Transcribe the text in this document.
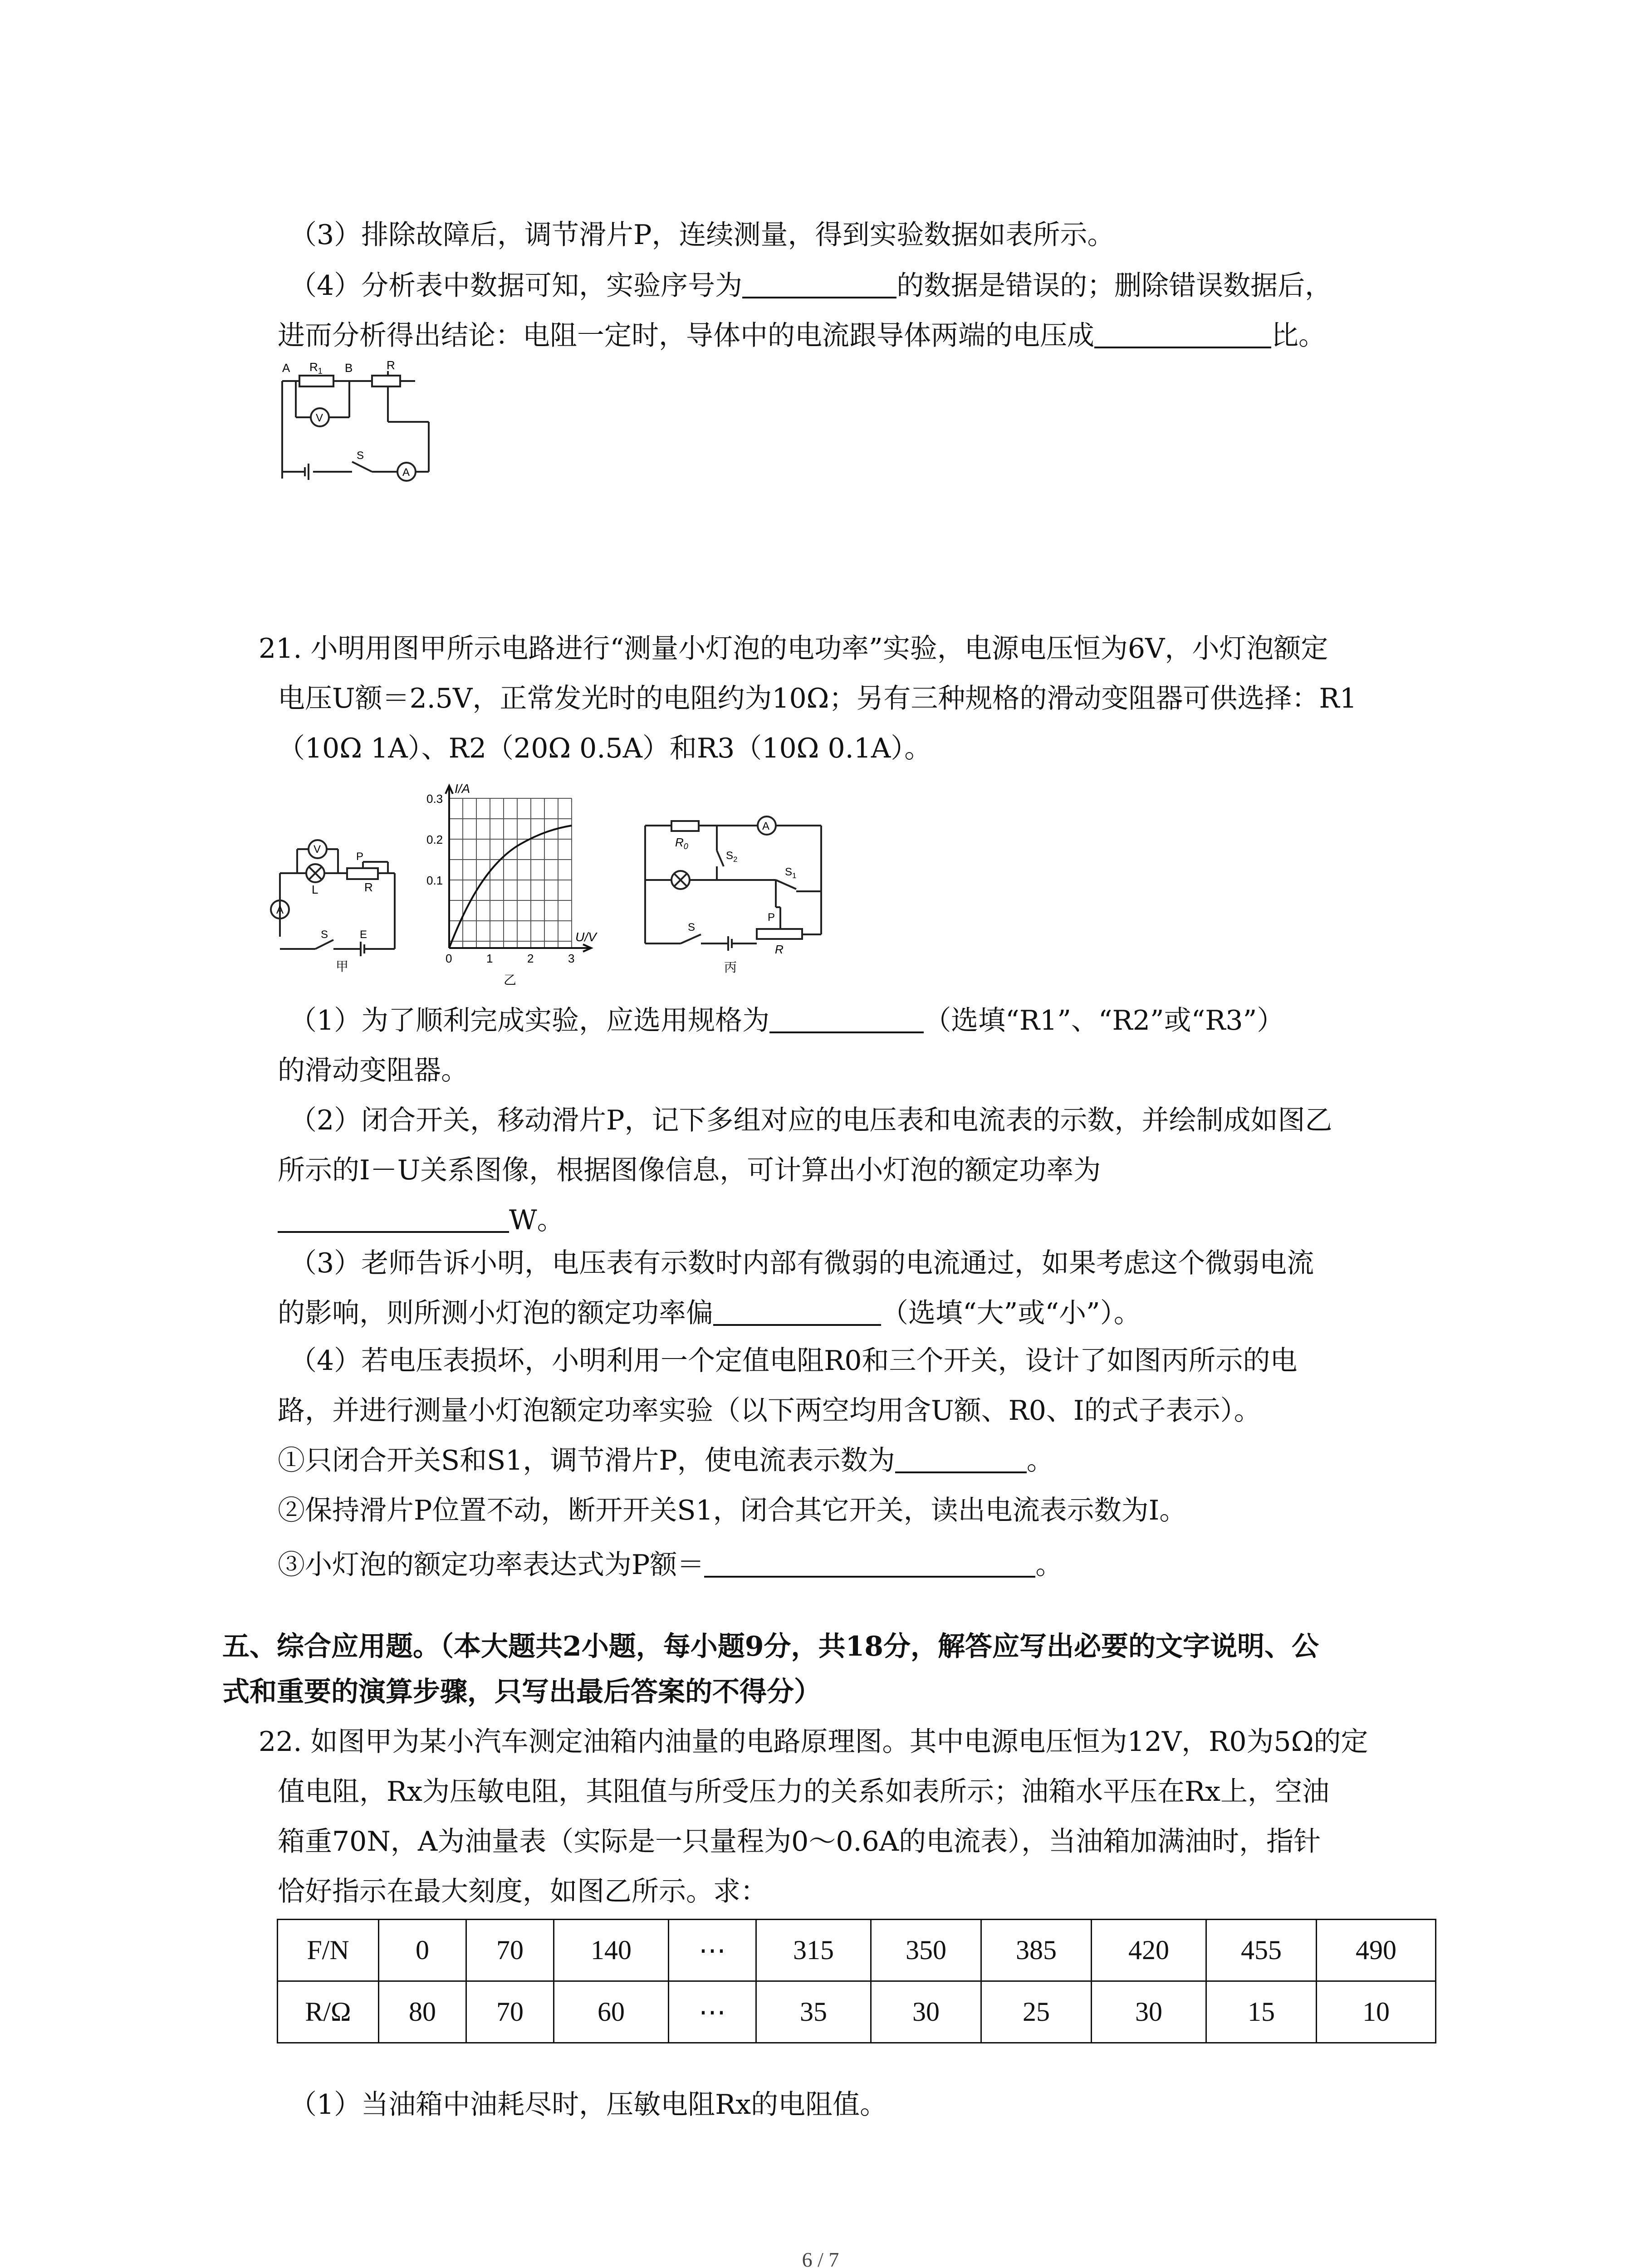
（3）排除故障后，调节滑片P，连续测量，得到实验数据如表所示。
（4）分析表中数据可知，实验序号为	的数据是错误的；删除错误数据后，
进而分析得出结论：电阻一定时，导体中的电流跟导体两端的电压成	比。
A $R_1$ B	R
V
S
A
21. 小明用图甲所示电路进行“测量小灯泡的电功率”实验，电源电压恒为6V，小灯泡额定
电压U额＝2.5V，正常发光时的电阻约为10Ω；另有三种规格的滑动变阻器可供选择：R1
（10Ω 1A）、R2（20Ω 0.5A）和R3（10Ω 0.1A）。
V
A
L
P
R
S	E
甲
I/A
U/V
0.3
0.2
0.1
0	1	2	3
乙
$R_0$
A
$S_2$
$S_1$
S
P
R
丙
（1）为了顺利完成实验，应选用规格为	（选填“R1”、“R2”或“R3”）
的滑动变阻器。
（2）闭合开关，移动滑片P，记下多组对应的电压表和电流表的示数，并绘制成如图乙
所示的I－U关系图像，根据图像信息，可计算出小灯泡的额定功率为
W。
（3）老师告诉小明，电压表有示数时内部有微弱的电流通过，如果考虑这个微弱电流
的影响，则所测小灯泡的额定功率偏	（选填“大”或“小”）。
（4）若电压表损坏，小明利用一个定值电阻R0和三个开关，设计了如图丙所示的电
路，并进行测量小灯泡额定功率实验（以下两空均用含U额、R0、I的式子表示）。
①只闭合开关S和S1，调节滑片P，使电流表示数为	。
②保持滑片P位置不动，断开开关S1，闭合其它开关，读出电流表示数为I。
③小灯泡的额定功率表达式为P额＝	。
五、综合应用题。（本大题共2小题，每小题9分，共18分，解答应写出必要的文字说明、公
式和重要的演算步骤，只写出最后答案的不得分）
22. 如图甲为某小汽车测定油箱内油量的电路原理图。其中电源电压恒为12V，R0为5Ω的定
值电阻，Rx为压敏电阻，其阻值与所受压力的关系如表所示；油箱水平压在Rx上，空油
箱重70N，A为油量表（实际是一只量程为0～0.6A的电流表），当油箱加满油时，指针
恰好指示在最大刻度，如图乙所示。求：
F/N	0	70	140	⋯	315	350	385	420	455	490
R/Ω	80	70	60	⋯	35	30	25	30	15	10
（1）当油箱中油耗尽时，压敏电阻Rx的电阻值。
6 / 7
